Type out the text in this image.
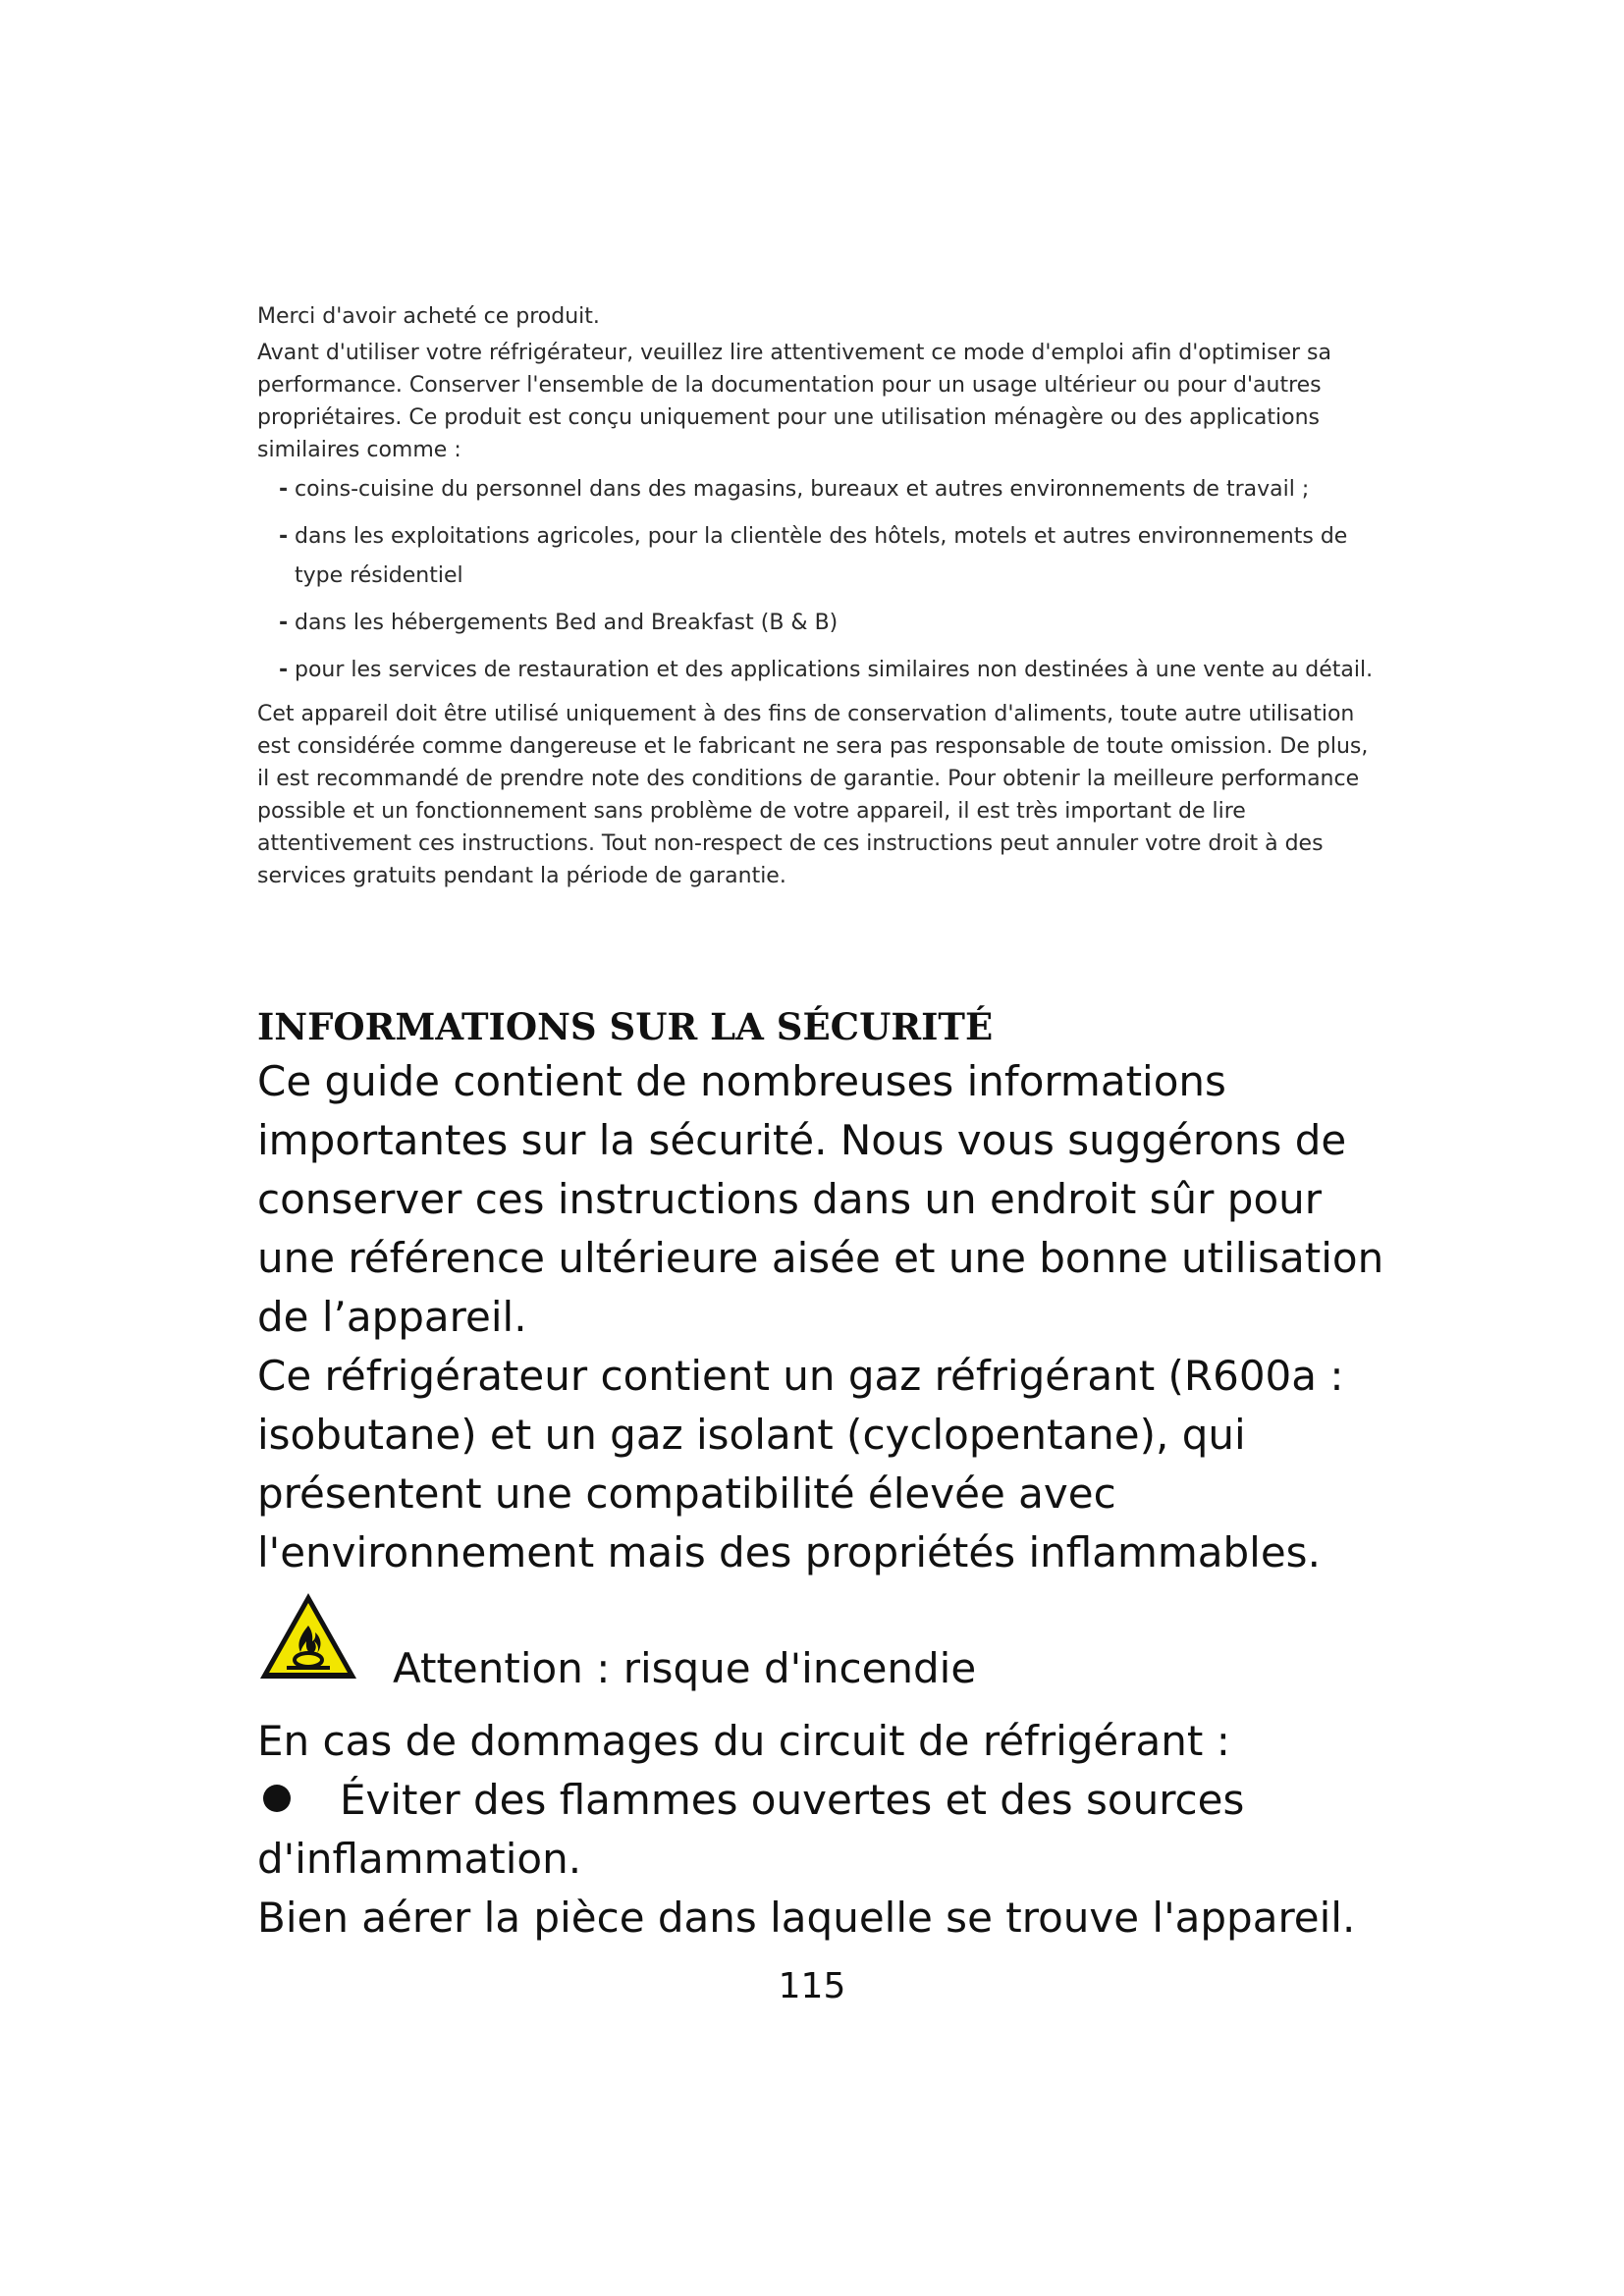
Merci d'avoir acheté ce produit.

Avant d'utiliser votre réfrigérateur, veuillez lire attentivement ce mode d'emploi afin d'optimiser sa performance. Conserver l'ensemble de la documentation pour un usage ultérieur ou pour d'autres propriétaires. Ce produit est conçu uniquement pour une utilisation ménagère ou des applications similaires comme :

- coins-cuisine du personnel dans des magasins, bureaux et autres environnements de travail ;
- dans les exploitations agricoles, pour la clientèle des hôtels, motels et autres environnements de type résidentiel
- dans les hébergements Bed and Breakfast (B & B)
- pour les services de restauration et des applications similaires non destinées à une vente au détail.

Cet appareil doit être utilisé uniquement à des fins de conservation d'aliments, toute autre utilisation est considérée comme dangereuse et le fabricant ne sera pas responsable de toute omission. De plus, il est recommandé de prendre note des conditions de garantie. Pour obtenir la meilleure performance possible et un fonctionnement sans problème de votre appareil, il est très important de lire attentivement ces instructions. Tout non-respect de ces instructions peut annuler votre droit à des services gratuits pendant la période de garantie.

INFORMATIONS SUR LA SÉCURITÉ

Ce guide contient de nombreuses informations importantes sur la sécurité. Nous vous suggérons de conserver ces instructions dans un endroit sûr pour une référence ultérieure aisée et une bonne utilisation de l’appareil.

Ce réfrigérateur contient un gaz réfrigérant (R600a : isobutane) et un gaz isolant (cyclopentane), qui présentent une compatibilité élevée avec l'environnement mais des propriétés inflammables.

Attention : risque d'incendie

En cas de dommages du circuit de réfrigérant :

Éviter des flammes ouvertes et des sources d'inflammation.

Bien aérer la pièce dans laquelle se trouve l'appareil.

115
